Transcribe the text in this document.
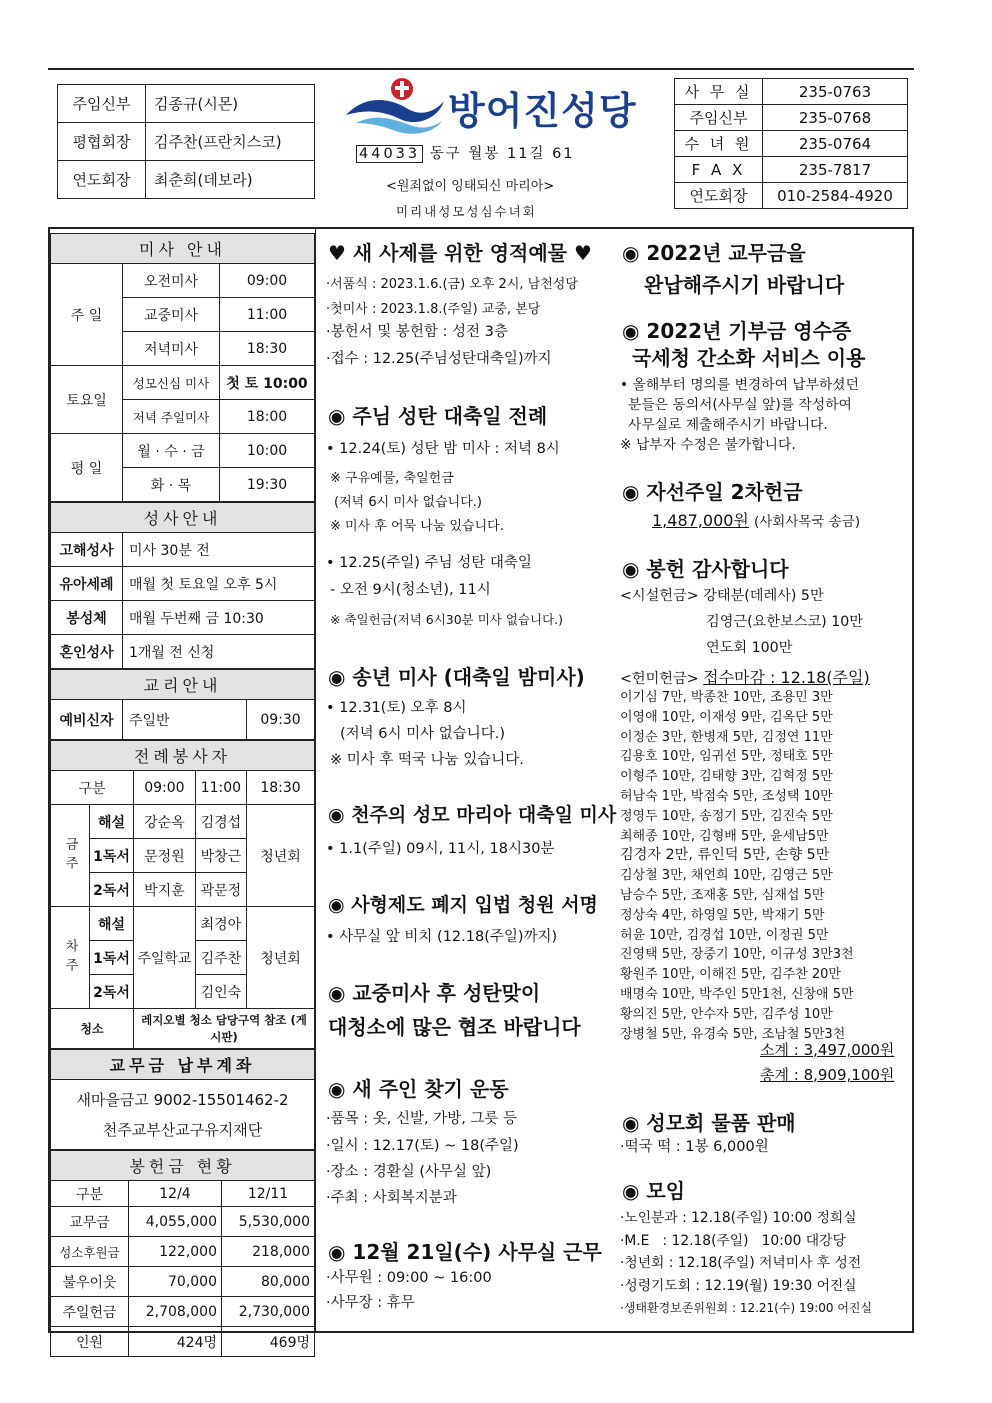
주임신부	김종규(시몬)
평협회장	김주찬(프란치스코)
연도회장	최춘희(데보라)
방어진성당
44033 동구 월봉 11길 61
<원죄없이 잉태되신 마리아>
미리내성모성심수녀회
사 무 실	235-0763
주임신부	235-0768
수 녀 원	235-0764
F A X	235-7817
연도회장	010-2584-4920
미사 안내		
주 일	오전미사	09:00
	교중미사	11:00
	저녁미사	18:30
토요일	성모신심 미사	첫 토 10:00
	저녁 주일미사	18:00
평 일	월 · 수 · 금	10:00
	화 · 목	19:30
성사안내	
고해성사	미사 30분 전
유아세례	매월 첫 토요일 오후 5시
봉성체	매월 두번째 금 10:30
혼인성사	1개월 전 신청
교리안내
예비신자	주일반	09:30
전례봉사자				
구분		09:00	11:00	18:30
금주	해설	강순옥	김경섭	청년회
	1독서	문정원	박창근	
	2독서	박지훈	곽문정	
차주	해설	주일학교	최경아	청년회
	1독서		김주찬	
	2독서		김인숙	
청소		레지오별 청소 담당구역 참조 (게시판)		
교무금 납부계좌

새마을금고 9002-15501462-2
천주교부산교구유지재단
봉헌금 현황		
구분	12/4	12/11
교무금	4,055,000	5,530,000
성소후원금	122,000	218,000
불우이웃	70,000	80,000
주일헌금	2,708,000	2,730,000
인원	424명	469명
♥ 새 사제를 위한 영적예물 ♥
·서품식 : 2023.1.6.(금) 오후 2시, 남천성당
·첫미사 : 2023.1.8.(주일) 교중, 본당
·봉헌서 및 봉헌함 : 성전 3층
·접수 : 12.25(주님성탄대축일)까지
◉ 주님 성탄 대축일 전례
• 12.24(토) 성탄 밤 미사 : 저녁 8시
※ 구유예물, 축일헌금
(저녁 6시 미사 없습니다.)
※ 미사 후 어묵 나눔 있습니다.
• 12.25(주일) 주님 성탄 대축일
- 오전 9시(청소년), 11시
※ 축일헌금(저녁 6시30분 미사 없습니다.)
◉ 송년 미사 (대축일 밤미사)
• 12.31(토) 오후 8시
(저녁 6시 미사 없습니다.)
※ 미사 후 떡국 나눔 있습니다.
◉ 천주의 성모 마리아 대축일 미사
• 1.1(주일) 09시, 11시, 18시30분
◉ 사형제도 폐지 입법 청원 서명
• 사무실 앞 비치 (12.18(주일)까지)
◉ 교중미사 후 성탄맞이
대청소에 많은 협조 바랍니다
◉ 새 주인 찾기 운동
·품목 : 옷, 신발, 가방, 그릇 등
·일시 : 12.17(토) ~ 18(주일)
·장소 : 경환실 (사무실 앞)
·주최 : 사회복지분과
◉ 12월 21일(수) 사무실 근무
·사무원 : 09:00 ~ 16:00
·사무장 : 휴무
◉ 2022년 교무금을
완납해주시기 바랍니다
◉ 2022년 기부금 영수증
국세청 간소화 서비스 이용
• 올해부터 명의를 변경하여 납부하셨던
분들은 동의서(사무실 앞)를 작성하여
사무실로 제출해주시기 바랍니다.
※ 납부자 수정은 불가합니다.
◉ 자선주일 2차헌금
1,487,000원 (사회사목국 송금)
◉ 봉헌 감사합니다
<시설헌금> 강태분(데레사) 5만
김영근(요한보스코) 10만
연도회 100만
<헌미헌금> 접수마감 : 12.18(주일)
이기심 7만, 박종찬 10만, 조용민 3만
이영애 10만, 이재성 9만, 김옥단 5만
이정순 3만, 한병재 5만, 김정연 11만
김용호 10만, 임귀선 5만, 정태호 5만
이형주 10만, 김태향 3만, 김혁정 5만
허남숙 1만, 박점숙 5만, 조성택 10만
정영두 10만, 송정기 5만, 김진숙 5만
최해종 10만, 김형배 5만, 윤세남5만
김경자 2만, 류인덕 5만, 손향 5만
김상철 3만, 채언희 10만, 김영근 5만
남승수 5만, 조재홍 5만, 심재섭 5만
정상숙 4만, 하영일 5만, 박재기 5만
허윤 10만, 김경섭 10만, 이정권 5만
진영택 5만, 장중기 10만, 이규성 3만3천
황원주 10만, 이해진 5만, 김주찬 20만
배명숙 10만, 박주인 5만1천, 신창애 5만
황의진 5만, 안수자 5만, 김주성 10만
장병철 5만, 유경숙 5만, 조남철 5만3천
소계 : 3,497,000원
총계 : 8,909,100원
◉ 성모회 물품 판매
·떡국 떡 : 1봉 6,000원
◉ 모임
·노인분과 : 12.18(주일) 10:00 정희실
·M.E   : 12.18(주일)   10:00 대강당
·청년회 : 12.18(주일) 저녁미사 후 성전
·성령기도회 : 12.19(월) 19:30 어진실
·생태환경보존위원회 : 12.21(수) 19:00 어진실
